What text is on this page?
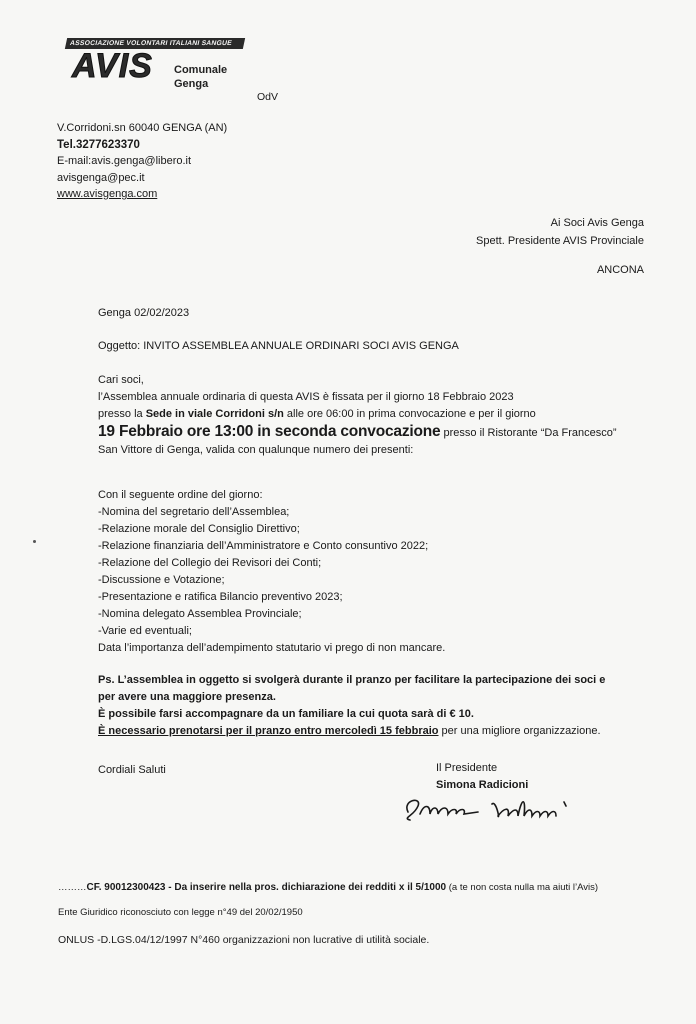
ASSOCIAZIONE VOLONTARI ITALIANI SANGUE
AVIS Comunale
Genga
OdV
V.Corridoni.sn 60040 GENGA (AN)
Tel.3277623370
E-mail:avis.genga@libero.it
avisgenga@pec.it
www.avisgenga.com
Ai Soci Avis Genga
Spett. Presidente AVIS Provinciale
ANCONA
Genga 02/02/2023
Oggetto: INVITO ASSEMBLEA ANNUALE ORDINARI SOCI AVIS GENGA
Cari soci,
l’Assemblea annuale ordinaria di questa AVIS è fissata per il giorno 18 Febbraio 2023
presso la Sede in viale Corridoni s/n alle ore 06:00 in prima convocazione e per il giorno
19 Febbraio ore 13:00 in seconda convocazione presso il Ristorante “Da Francesco”
San Vittore di Genga, valida con qualunque numero dei presenti:
Con il seguente ordine del giorno:
-Nomina del segretario dell’Assemblea;
-Relazione morale del Consiglio Direttivo;
-Relazione finanziaria dell’Amministratore e Conto consuntivo 2022;
-Relazione del Collegio dei Revisori dei Conti;
-Discussione e Votazione;
-Presentazione e ratifica Bilancio preventivo 2023;
-Nomina delegato Assemblea Provinciale;
-Varie ed eventuali;
Data l’importanza dell’adempimento statutario vi prego di non mancare.
Ps. L’assemblea in oggetto si svolgerà durante il pranzo per facilitare la partecipazione dei soci e
per avere una maggiore presenza.
È possibile farsi accompagnare da un familiare la cui quota sarà di € 10.
È necessario prenotarsi per il pranzo entro mercoledì 15 febbraio per una migliore organizzazione.
Cordiali Saluti	Il Presidente
Simona Radicioni
………CF. 90012300423 - Da inserire nella pros. dichiarazione dei redditi x il 5/1000 (a te non costa nulla ma aiuti l’Avis)
Ente Giuridico riconosciuto con legge n°49 del 20/02/1950
ONLUS -D.LGS.04/12/1997 N°460 organizzazioni non lucrative di utilità sociale.
